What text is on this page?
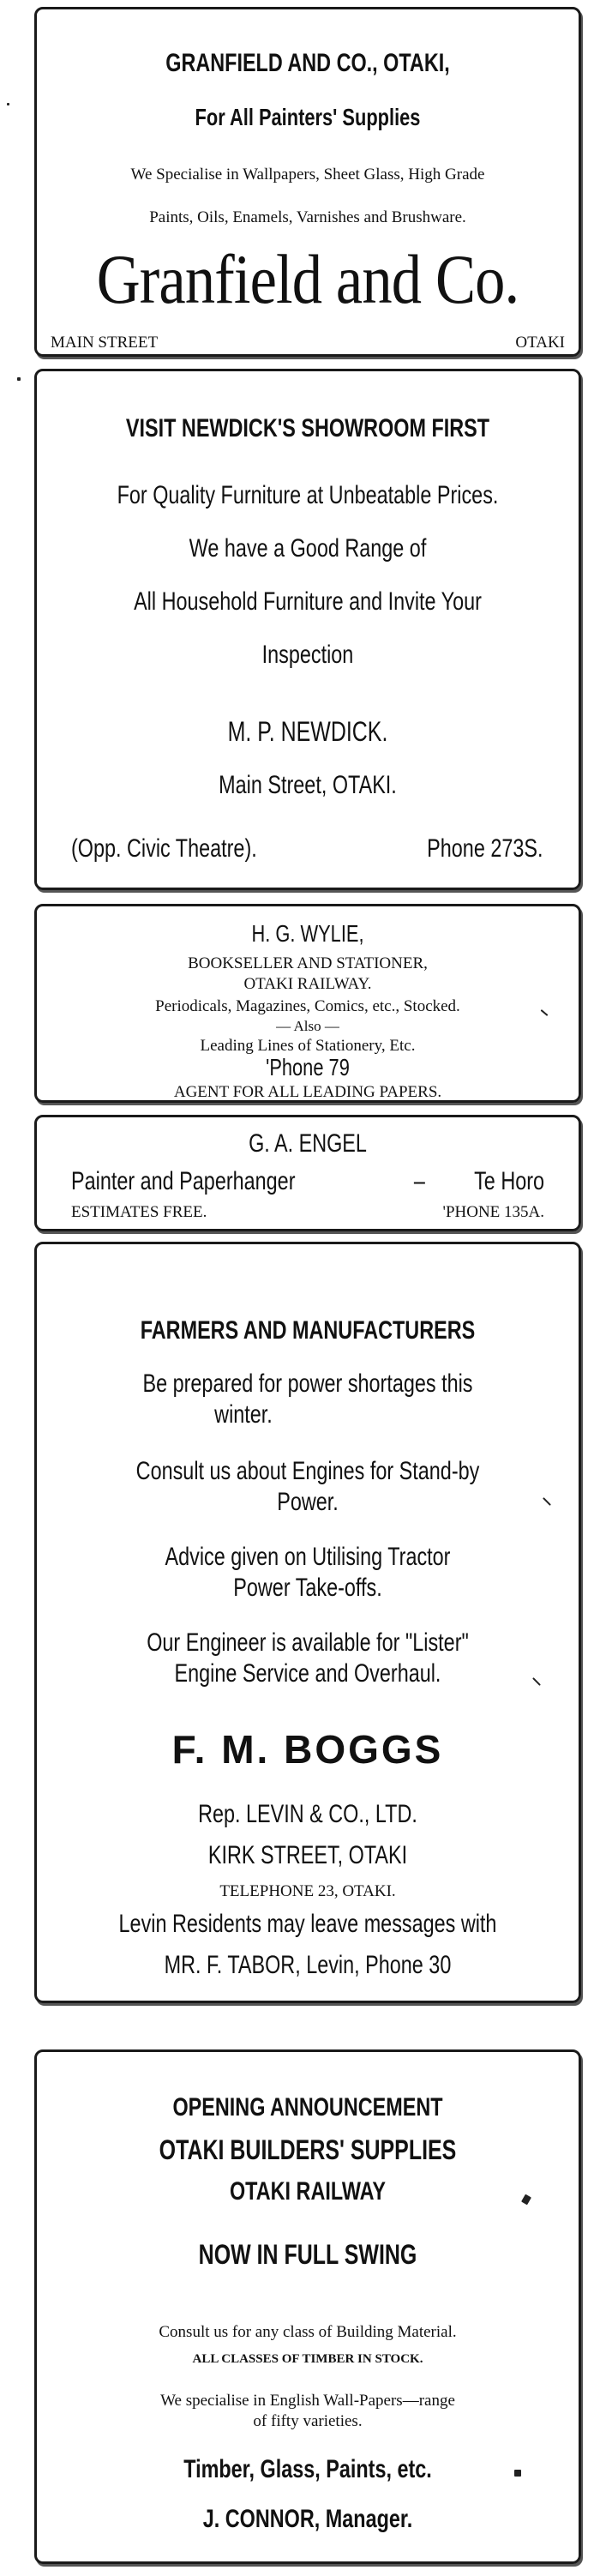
GRANFIELD AND CO., OTAKI,
For All Painters' Supplies
We Specialise in Wallpapers, Sheet Glass, High Grade
Paints, Oils, Enamels, Varnishes and Brushware.
Granfield and Co.
MAIN STREET	OTAKI
VISIT NEWDICK'S SHOWROOM FIRST
For Quality Furniture at Unbeatable Prices.
We have a Good Range of
All Household Furniture and Invite Your
Inspection
M. P. NEWDICK.
Main Street, OTAKI.
(Opp. Civic Theatre).	Phone 273S.
H. G. WYLIE,
BOOKSELLER AND STATIONER,
OTAKI RAILWAY.
Periodicals, Magazines, Comics, etc., Stocked.
— Also —
Leading Lines of Stationery, Etc.
'Phone 79
AGENT FOR ALL LEADING PAPERS.
G. A. ENGEL
Painter and Paperhanger	– Te Horo
ESTIMATES FREE.	'PHONE 135A.
FARMERS AND MANUFACTURERS
Be prepared for power shortages this
winter.
Consult us about Engines for Stand-by
Power.
Advice given on Utilising Tractor
Power Take-offs.
Our Engineer is available for "Lister"
Engine Service and Overhaul.
F. M. BOGGS
Rep. LEVIN & CO., LTD.
KIRK STREET, OTAKI
TELEPHONE 23, OTAKI.
Levin Residents may leave messages with
MR. F. TABOR, Levin, Phone 30
OPENING ANNOUNCEMENT
OTAKI BUILDERS' SUPPLIES
OTAKI RAILWAY
NOW IN FULL SWING
Consult us for any class of Building Material.
ALL CLASSES OF TIMBER IN STOCK.
We specialise in English Wall-Papers—range
of fifty varieties.
Timber, Glass, Paints, etc.
J. CONNOR, Manager.
